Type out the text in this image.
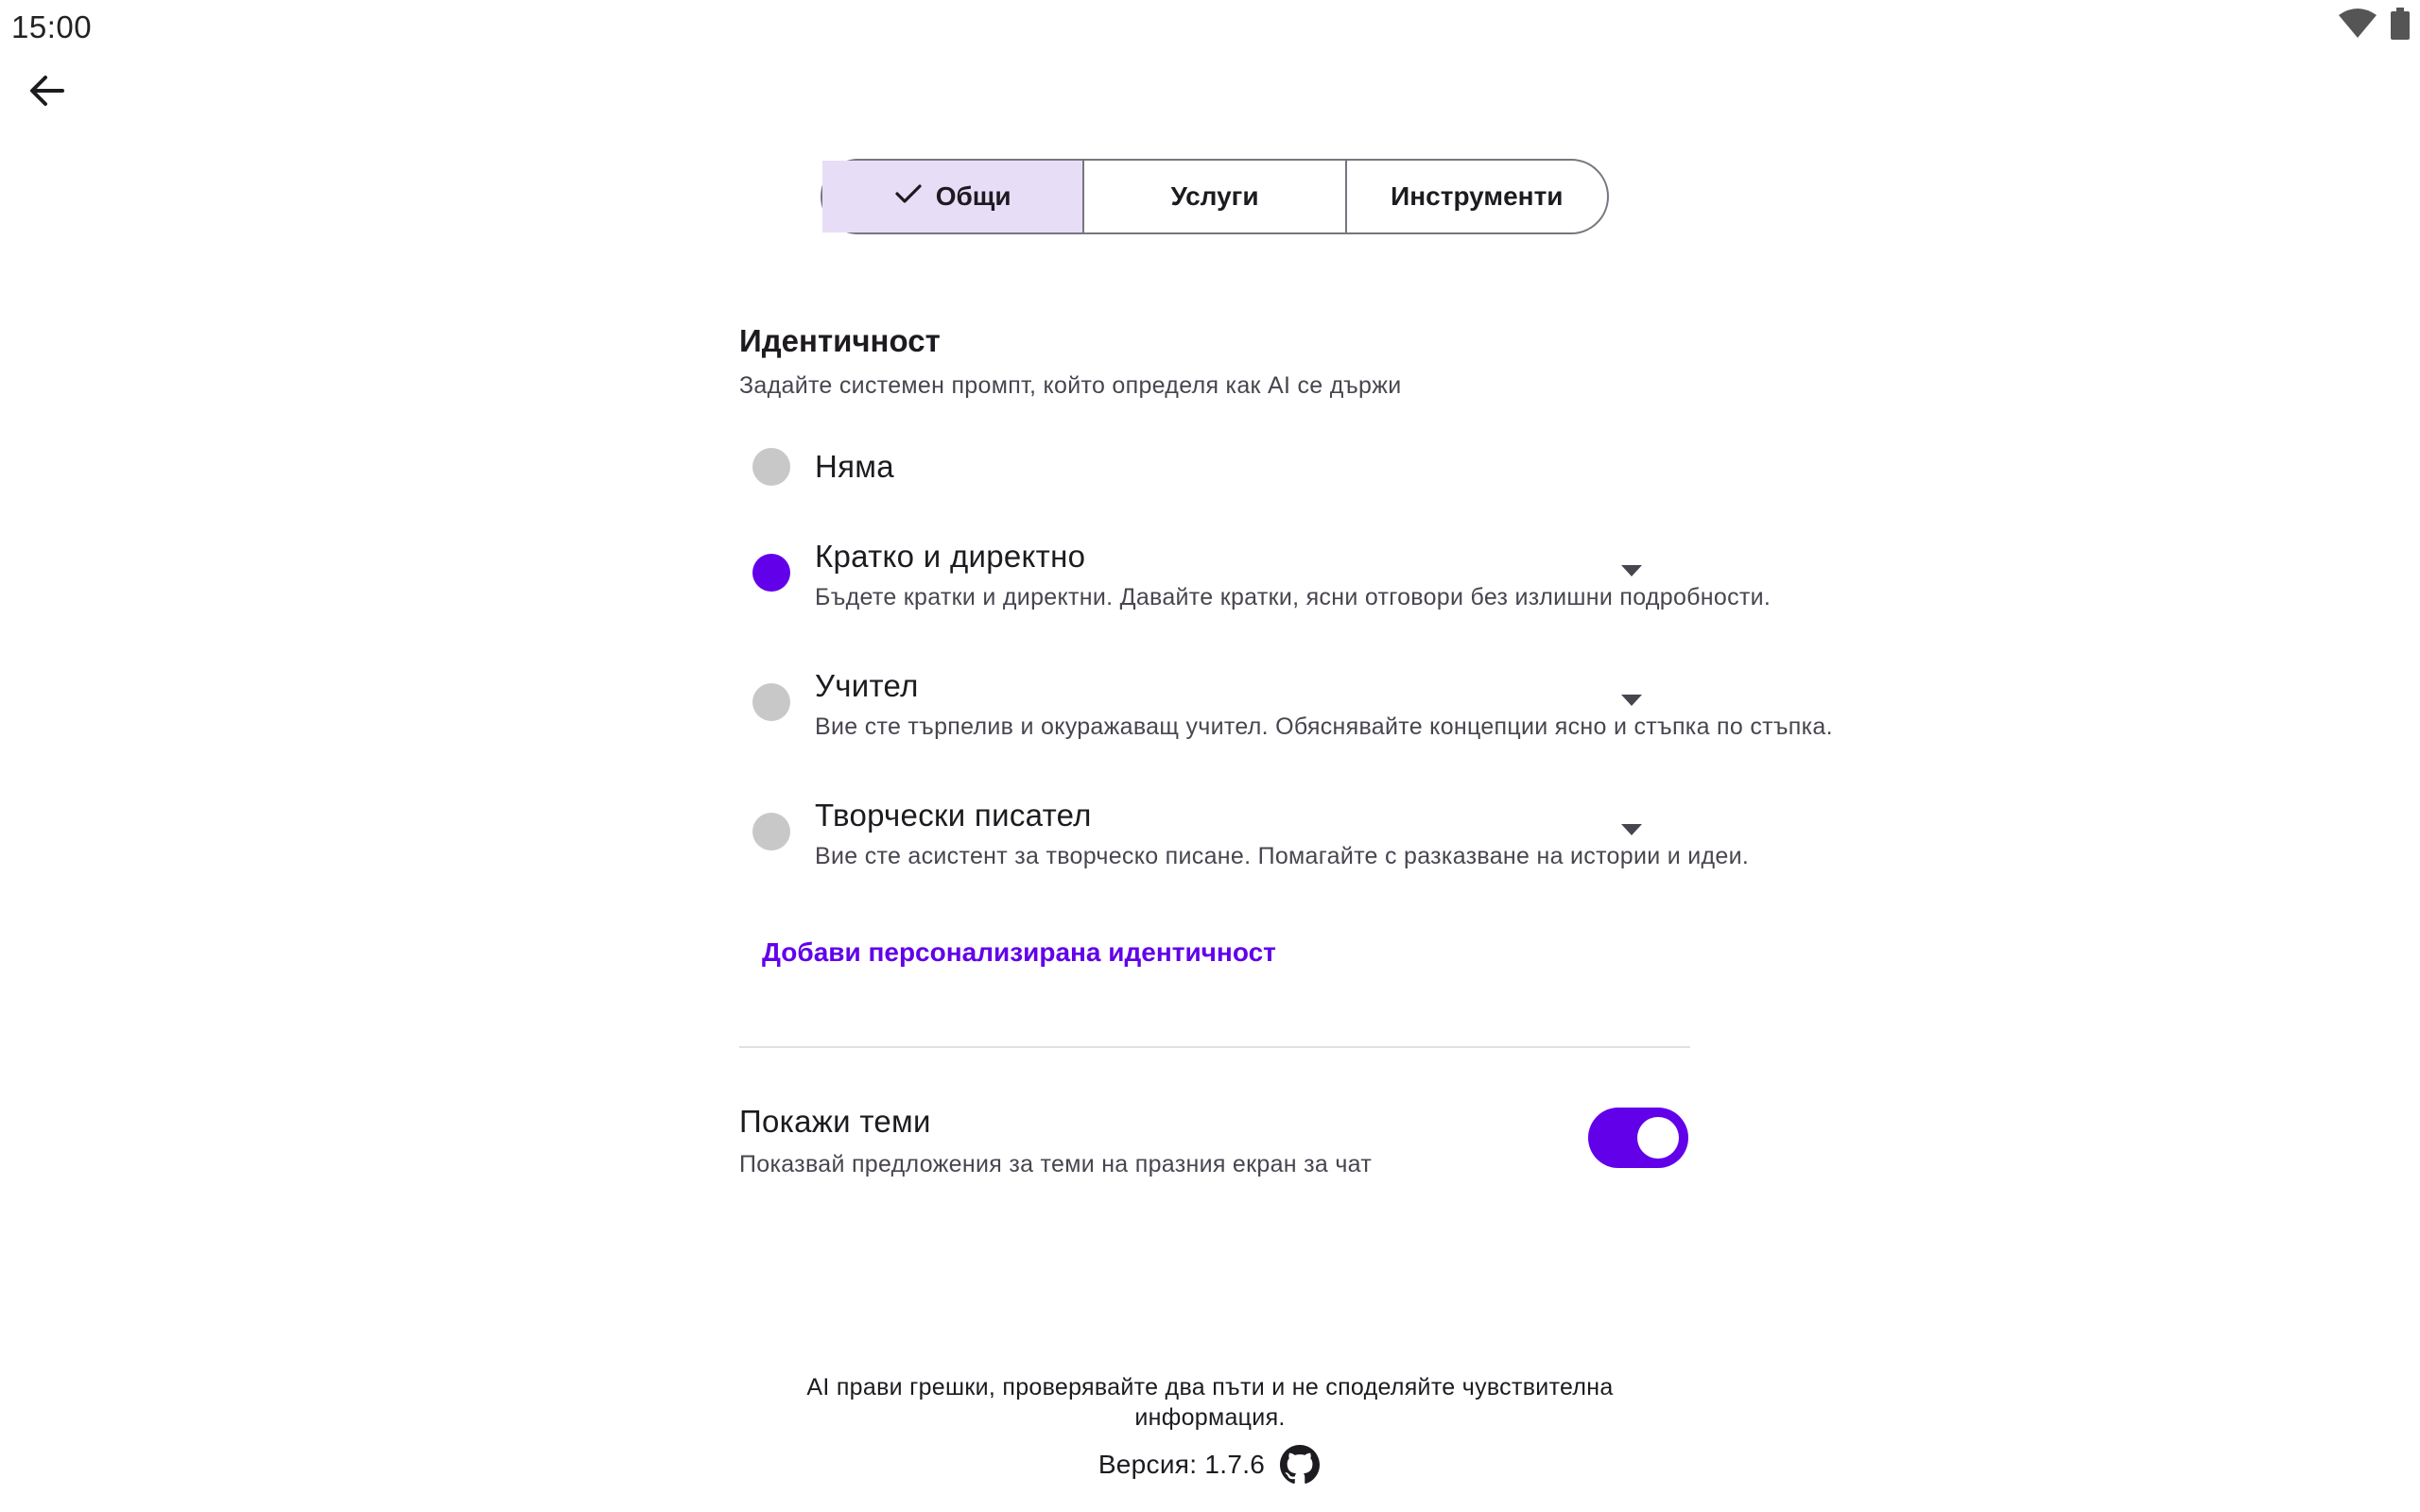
15:00
Общи	Услуги	Инструменти
Идентичност
Задайте системен промпт, който определя как AI се държи
Няма
Кратко и директно
Бъдете кратки и директни. Давайте кратки, ясни отговори без излишни подробности.
Учител
Вие сте търпелив и окуражаващ учител. Обяснявайте концепции ясно и стъпка по стъпка.
Творчески писател
Вие сте асистент за творческо писане. Помагайте с разказване на истории и идеи.
Добави персонализирана идентичност
Покажи теми
Показвай предложения за теми на празния екран за чат
AI прави грешки, проверявайте два пъти и не споделяйте чувствителна информация.
Версия: 1.7.6
